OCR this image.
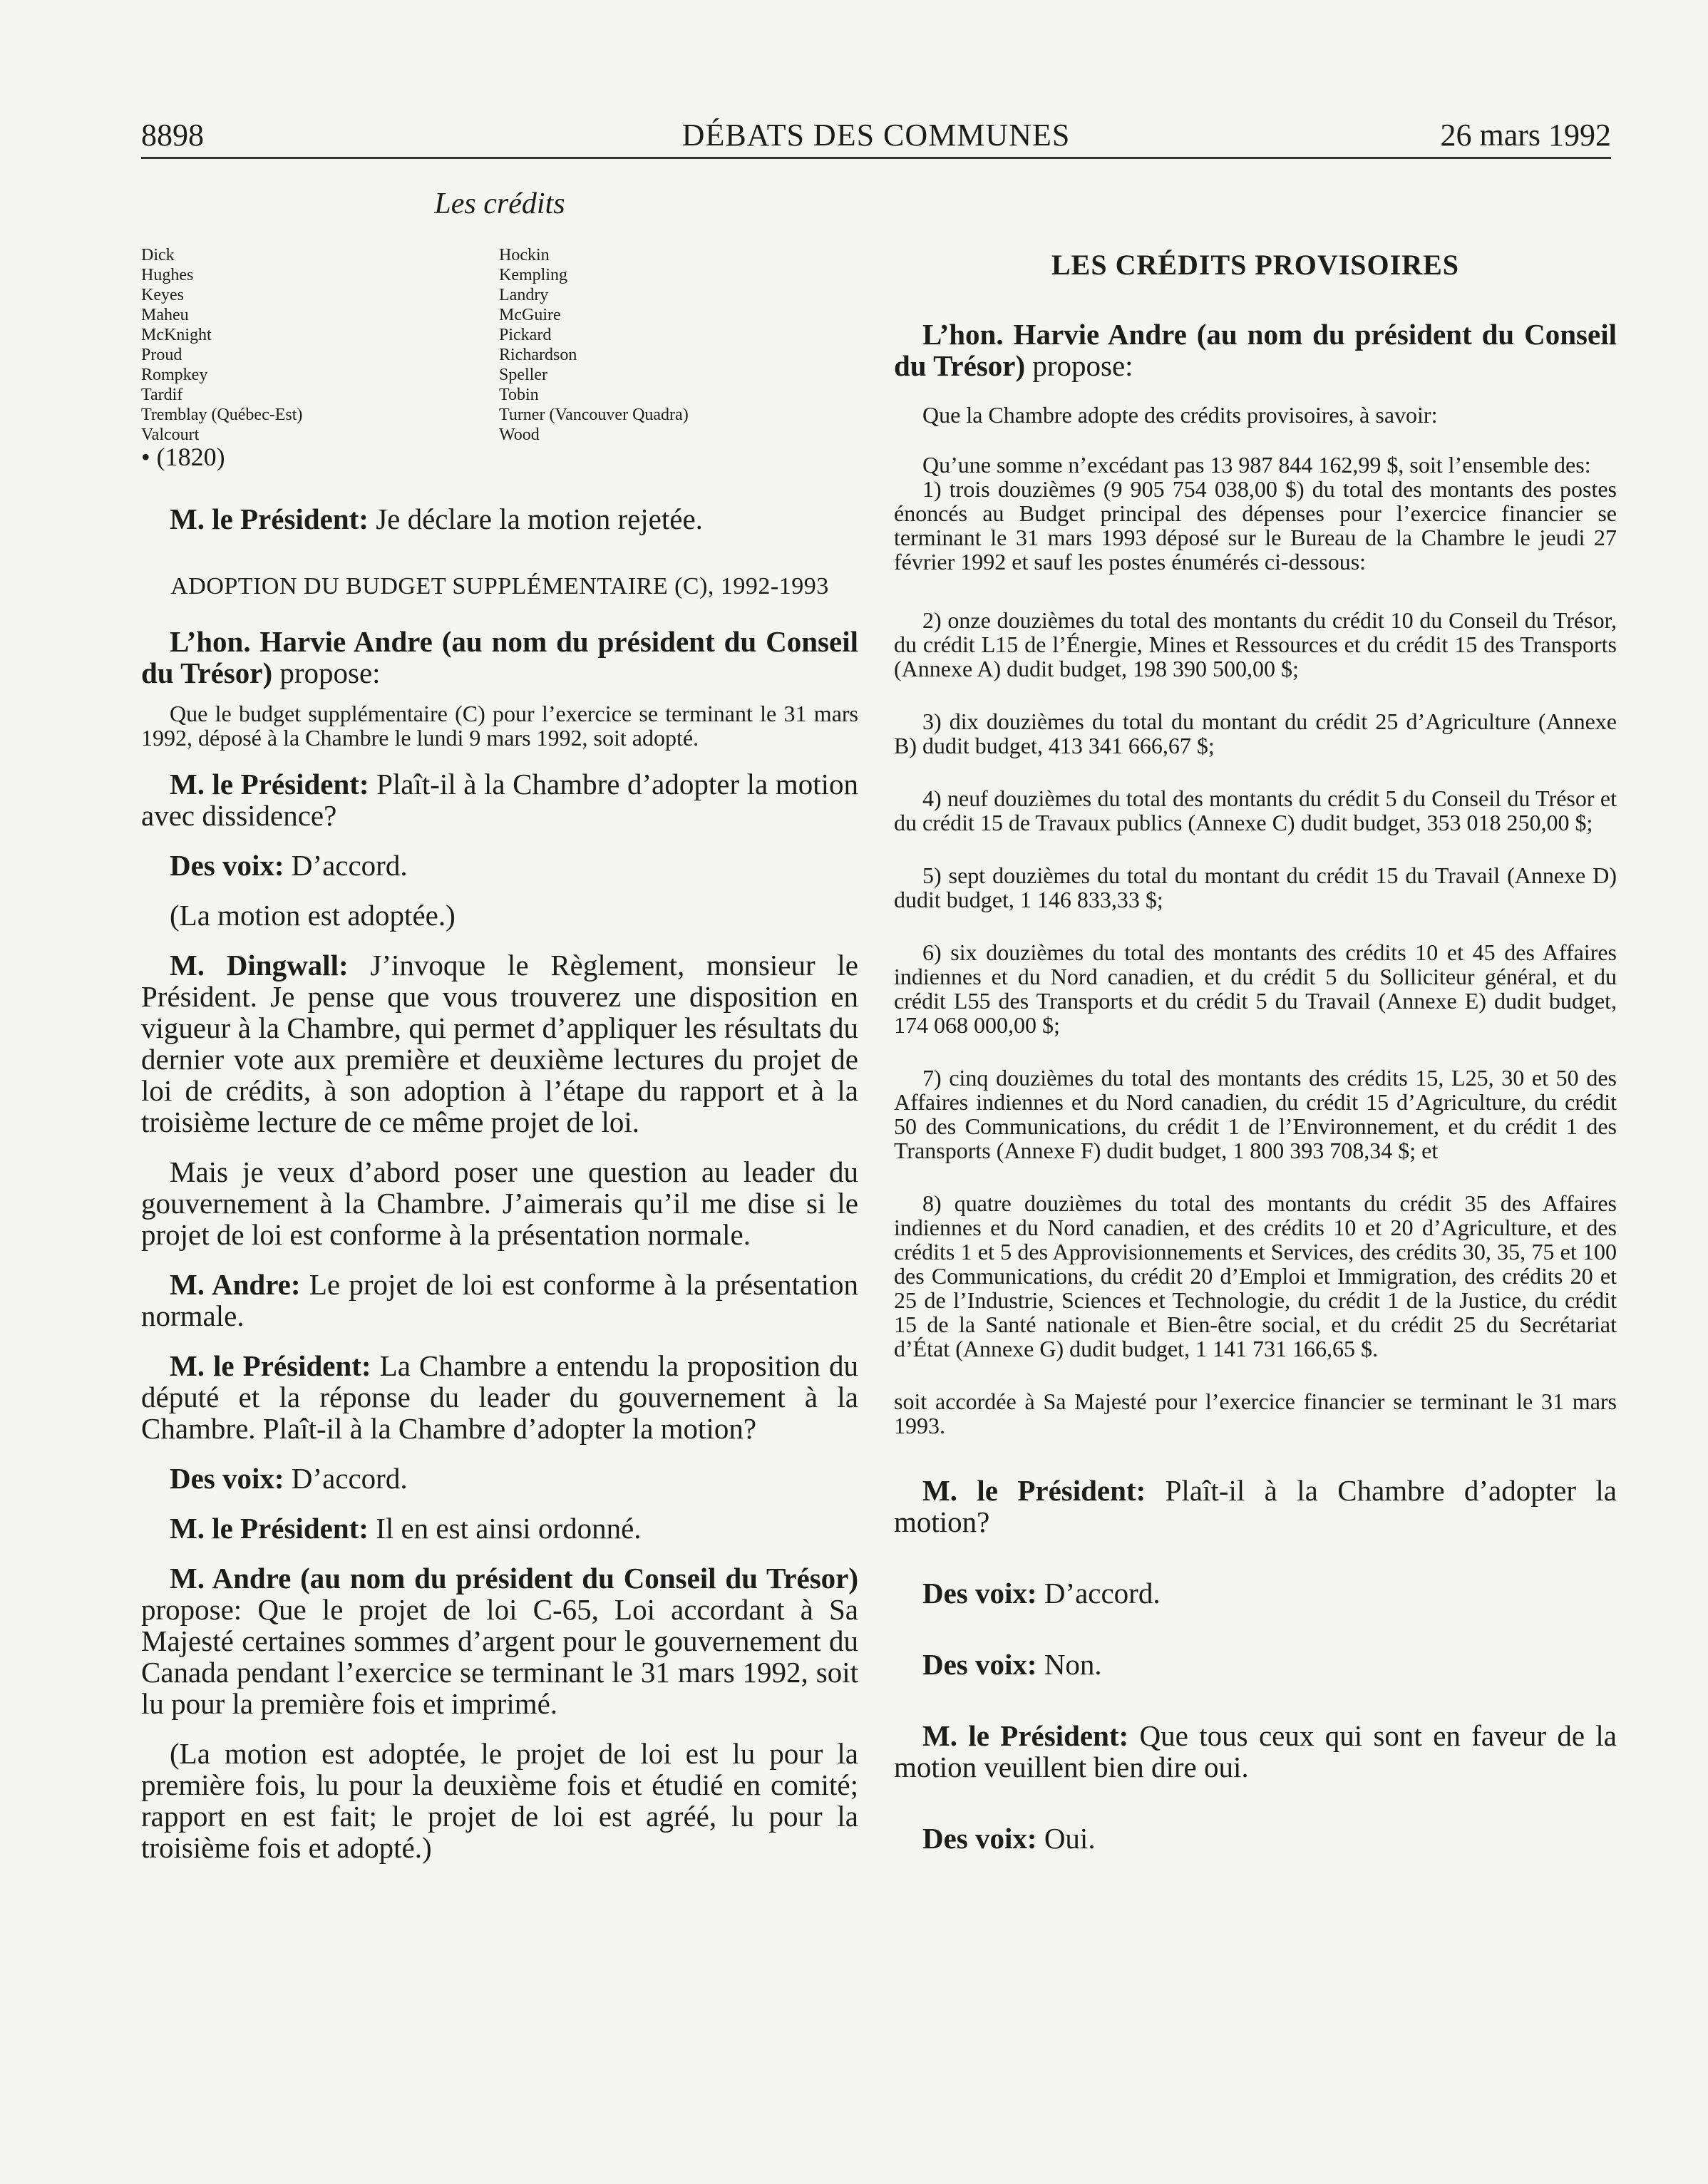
8898	DÉBATS DES COMMUNES	26 mars 1992
Les crédits
Dick
Hughes
Keyes
Maheu
McKnight
Proud
Rompkey
Tardif
Tremblay (Québec-Est)
Valcourt
Hockin
Kempling
Landry
McGuire
Pickard
Richardson
Speller
Tobin
Turner (Vancouver Quadra)
Wood
• (1820)

M. le Président: Je déclare la motion rejetée.

ADOPTION DU BUDGET SUPPLÉMENTAIRE (C), 1992-1993

L’hon. Harvie Andre (au nom du président du Conseil du Trésor) propose:

Que le budget supplémentaire (C) pour l’exercice se terminant le 31 mars 1992, déposé à la Chambre le lundi 9 mars 1992, soit adopté.

M. le Président: Plaît-il à la Chambre d’adopter la motion avec dissidence?

Des voix: D’accord.

(La motion est adoptée.)

M. Dingwall: J’invoque le Règlement, monsieur le Président. Je pense que vous trouverez une disposition en vigueur à la Chambre, qui permet d’appliquer les résultats du dernier vote aux première et deuxième lectures du projet de loi de crédits, à son adoption à l’étape du rapport et à la troisième lecture de ce même projet de loi.

Mais je veux d’abord poser une question au leader du gouvernement à la Chambre. J’aimerais qu’il me dise si le projet de loi est conforme à la présentation normale.

M. Andre: Le projet de loi est conforme à la présentation normale.

M. le Président: La Chambre a entendu la proposition du député et la réponse du leader du gouvernement à la Chambre. Plaît-il à la Chambre d’adopter la motion?

Des voix: D’accord.

M. le Président: Il en est ainsi ordonné.

M. Andre (au nom du président du Conseil du Trésor) propose: Que le projet de loi C-65, Loi accordant à Sa Majesté certaines sommes d’argent pour le gouvernement du Canada pendant l’exercice se terminant le 31 mars 1992, soit lu pour la première fois et imprimé.

(La motion est adoptée, le projet de loi est lu pour la première fois, lu pour la deuxième fois et étudié en comité; rapport en est fait; le projet de loi est agréé, lu pour la troisième fois et adopté.)

LES CRÉDITS PROVISOIRES

L’hon. Harvie Andre (au nom du président du Conseil du Trésor) propose:

Que la Chambre adopte des crédits provisoires, à savoir:

Qu’une somme n’excédant pas 13 987 844 162,99 $, soit l’ensemble des:

1) trois douzièmes (9 905 754 038,00 $) du total des montants des postes énoncés au Budget principal des dépenses pour l’exercice financier se terminant le 31 mars 1993 déposé sur le Bureau de la Chambre le jeudi 27 février 1992 et sauf les postes énumérés ci-dessous:

2) onze douzièmes du total des montants du crédit 10 du Conseil du Trésor, du crédit L15 de l’Énergie, Mines et Ressources et du crédit 15 des Transports (Annexe A) dudit budget, 198 390 500,00 $;

3) dix douzièmes du total du montant du crédit 25 d’Agriculture (Annexe B) dudit budget, 413 341 666,67 $;

4) neuf douzièmes du total des montants du crédit 5 du Conseil du Trésor et du crédit 15 de Travaux publics (Annexe C) dudit budget, 353 018 250,00 $;

5) sept douzièmes du total du montant du crédit 15 du Travail (Annexe D) dudit budget, 1 146 833,33 $;

6) six douzièmes du total des montants des crédits 10 et 45 des Affaires indiennes et du Nord canadien, et du crédit 5 du Solliciteur général, et du crédit L55 des Transports et du crédit 5 du Travail (Annexe E) dudit budget, 174 068 000,00 $;

7) cinq douzièmes du total des montants des crédits 15, L25, 30 et 50 des Affaires indiennes et du Nord canadien, du crédit 15 d’Agriculture, du crédit 50 des Communications, du crédit 1 de l’Environnement, et du crédit 1 des Transports (Annexe F) dudit budget, 1 800 393 708,34 $; et

8) quatre douzièmes du total des montants du crédit 35 des Affaires indiennes et du Nord canadien, et des crédits 10 et 20 d’Agriculture, et des crédits 1 et 5 des Approvisionnements et Services, des crédits 30, 35, 75 et 100 des Communications, du crédit 20 d’Emploi et Immigration, des crédits 20 et 25 de l’Industrie, Sciences et Technologie, du crédit 1 de la Justice, du crédit 15 de la Santé nationale et Bien-être social, et du crédit 25 du Secrétariat d’État (Annexe G) dudit budget, 1 141 731 166,65 $.

soit accordée à Sa Majesté pour l’exercice financier se terminant le 31 mars 1993.

M. le Président: Plaît-il à la Chambre d’adopter la motion?

Des voix: D’accord.

Des voix: Non.

M. le Président: Que tous ceux qui sont en faveur de la motion veuillent bien dire oui.

Des voix: Oui.
